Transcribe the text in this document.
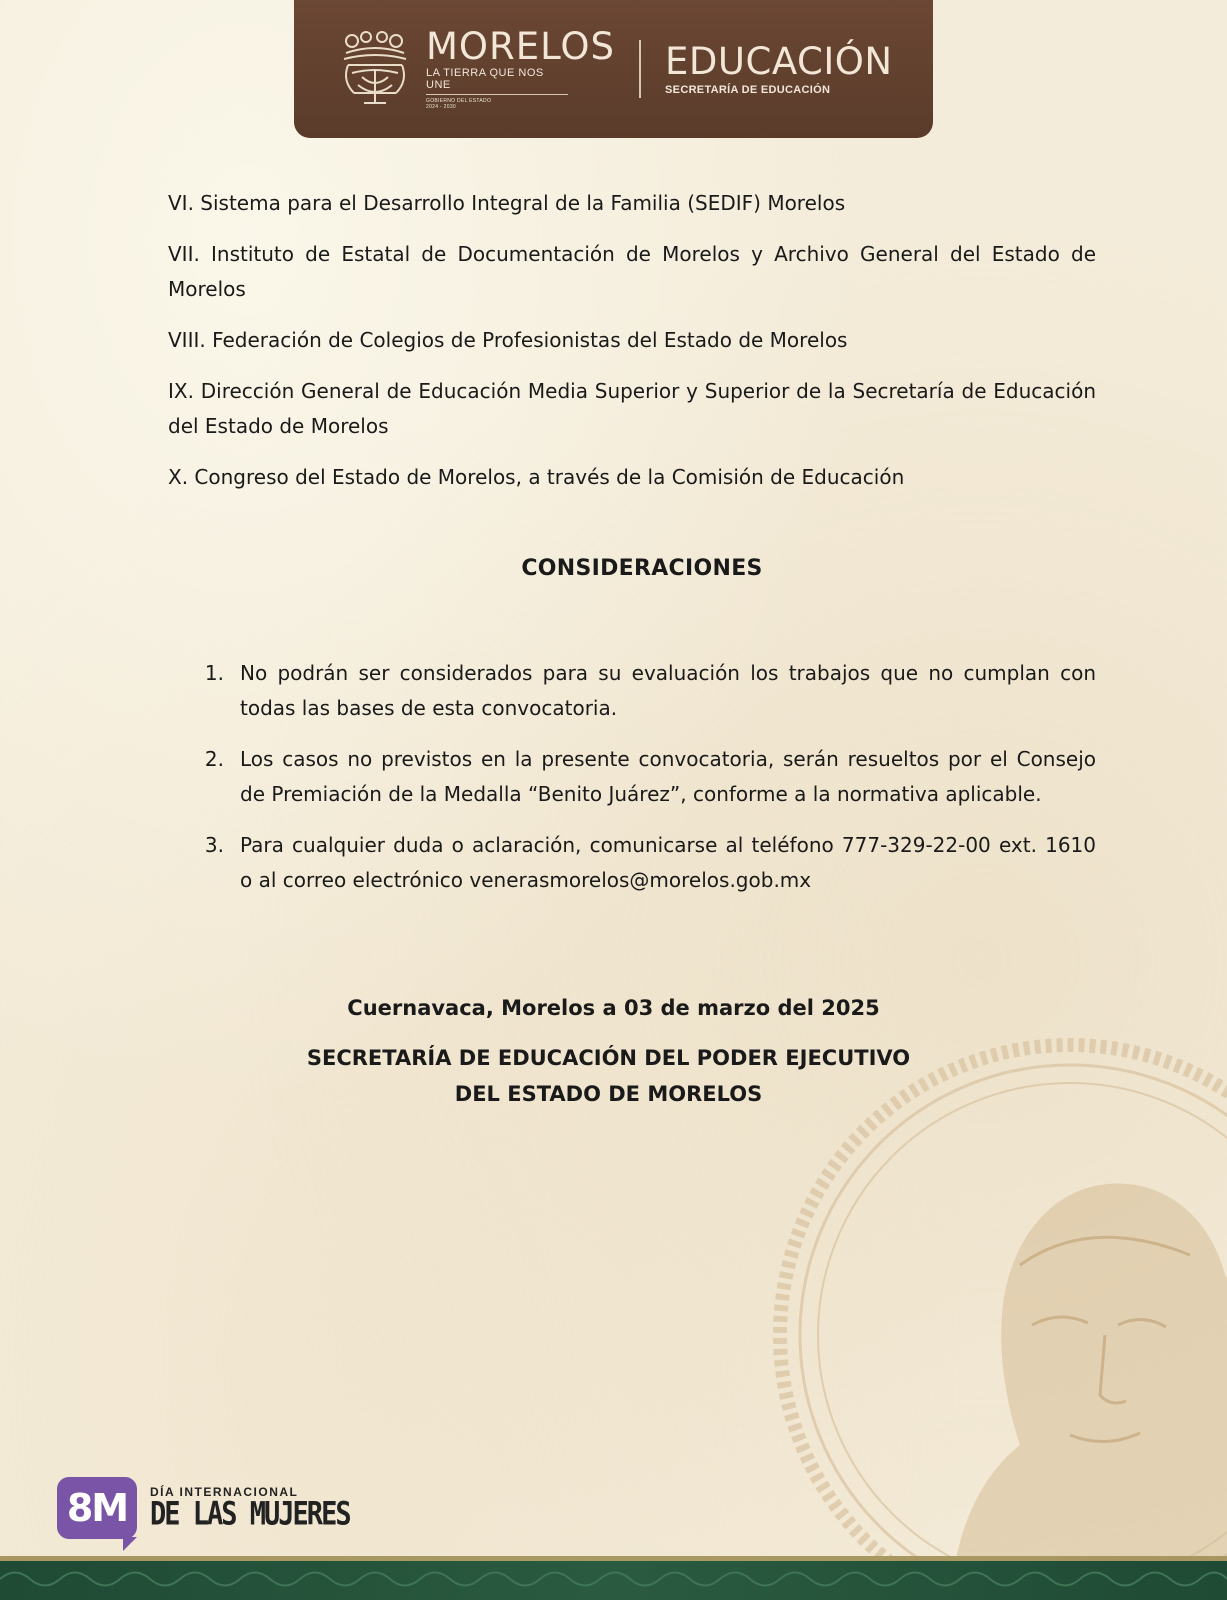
MORELOS
LA TIERRA QUE NOS UNE
GOBIERNO DEL ESTADO
2024 - 2030
EDUCACIÓN
SECRETARÍA DE EDUCACIÓN

VI. Sistema para el Desarrollo Integral de la Familia (SEDIF) Morelos

VII. Instituto de Estatal de Documentación de Morelos y Archivo General del Estado de Morelos

VIII. Federación de Colegios de Profesionistas del Estado de Morelos

IX. Dirección General de Educación Media Superior y Superior de la Secretaría de Educación del Estado de Morelos

X. Congreso del Estado de Morelos, a través de la Comisión de Educación

CONSIDERACIONES
1. No podrán ser considerados para su evaluación los trabajos que no cumplan con todas las bases de esta convocatoria.
2. Los casos no previstos en la presente convocatoria, serán resueltos por el Consejo de Premiación de la Medalla “Benito Juárez”, conforme a la normativa aplicable.
3. Para cualquier duda o aclaración, comunicarse al teléfono 777-329-22-00 ext. 1610 o al correo electrónico venerasmorelos@morelos.gob.mx

Cuernavaca, Morelos a 03 de marzo del 2025

SECRETARÍA DE EDUCACIÓN DEL PODER EJECUTIVO

DEL ESTADO DE MORELOS

8M	DÍA INTERNACIONAL
DE LAS MUJERES
